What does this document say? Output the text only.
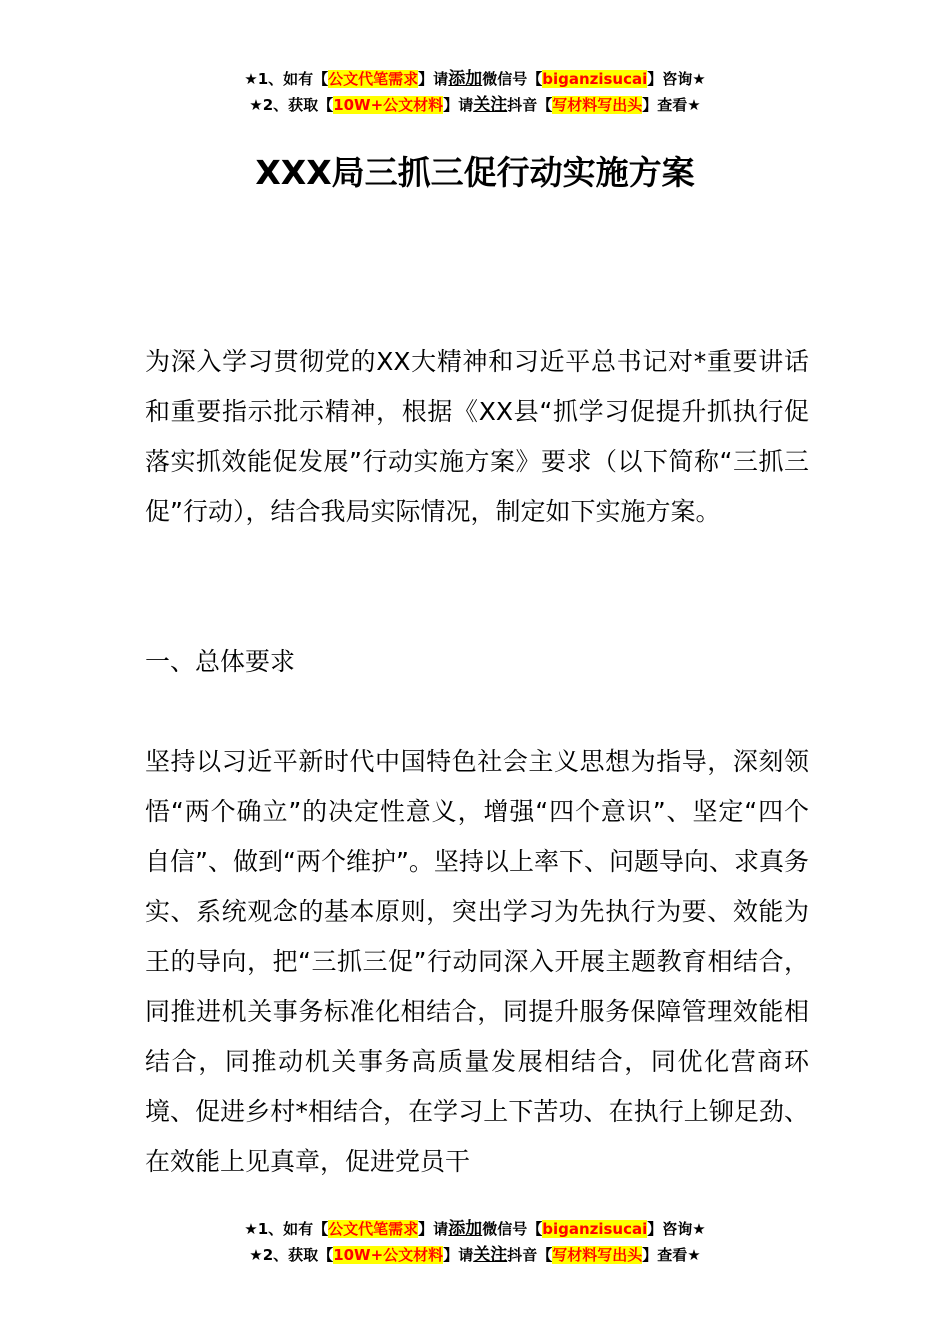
★1、如有【公文代笔需求】请添加微信号【biganzisucai】咨询★
★2、获取【10W+公文材料】请关注抖音【写材料写出头】查看★
XXX局三抓三促行动实施方案

为深入学习贯彻党的XX大精神和习近平总书记对*重要讲话和重要指示批示精神，根据《XX县“抓学习促提升抓执行促落实抓效能促发展”行动实施方案》要求（以下简称“三抓三促”行动），结合我局实际情况，制定如下实施方案。

一、总体要求

坚持以习近平新时代中国特色社会主义思想为指导，深刻领悟“两个确立”的决定性意义，增强“四个意识”、坚定“四个自信”、做到“两个维护”。坚持以上率下、问题导向、求真务实、系统观念的基本原则，突出学习为先执行为要、效能为王的导向，把“三抓三促”行动同深入开展主题教育相结合，同推进机关事务标准化相结合，同提升服务保障管理效能相结合，同推动机关事务高质量发展相结合，同优化营商环境、促进乡村*相结合，在学习上下苦功、在执行上铆足劲、在效能上见真章，促进党员干

★1、如有【公文代笔需求】请添加微信号【biganzisucai】咨询★
★2、获取【10W+公文材料】请关注抖音【写材料写出头】查看★
